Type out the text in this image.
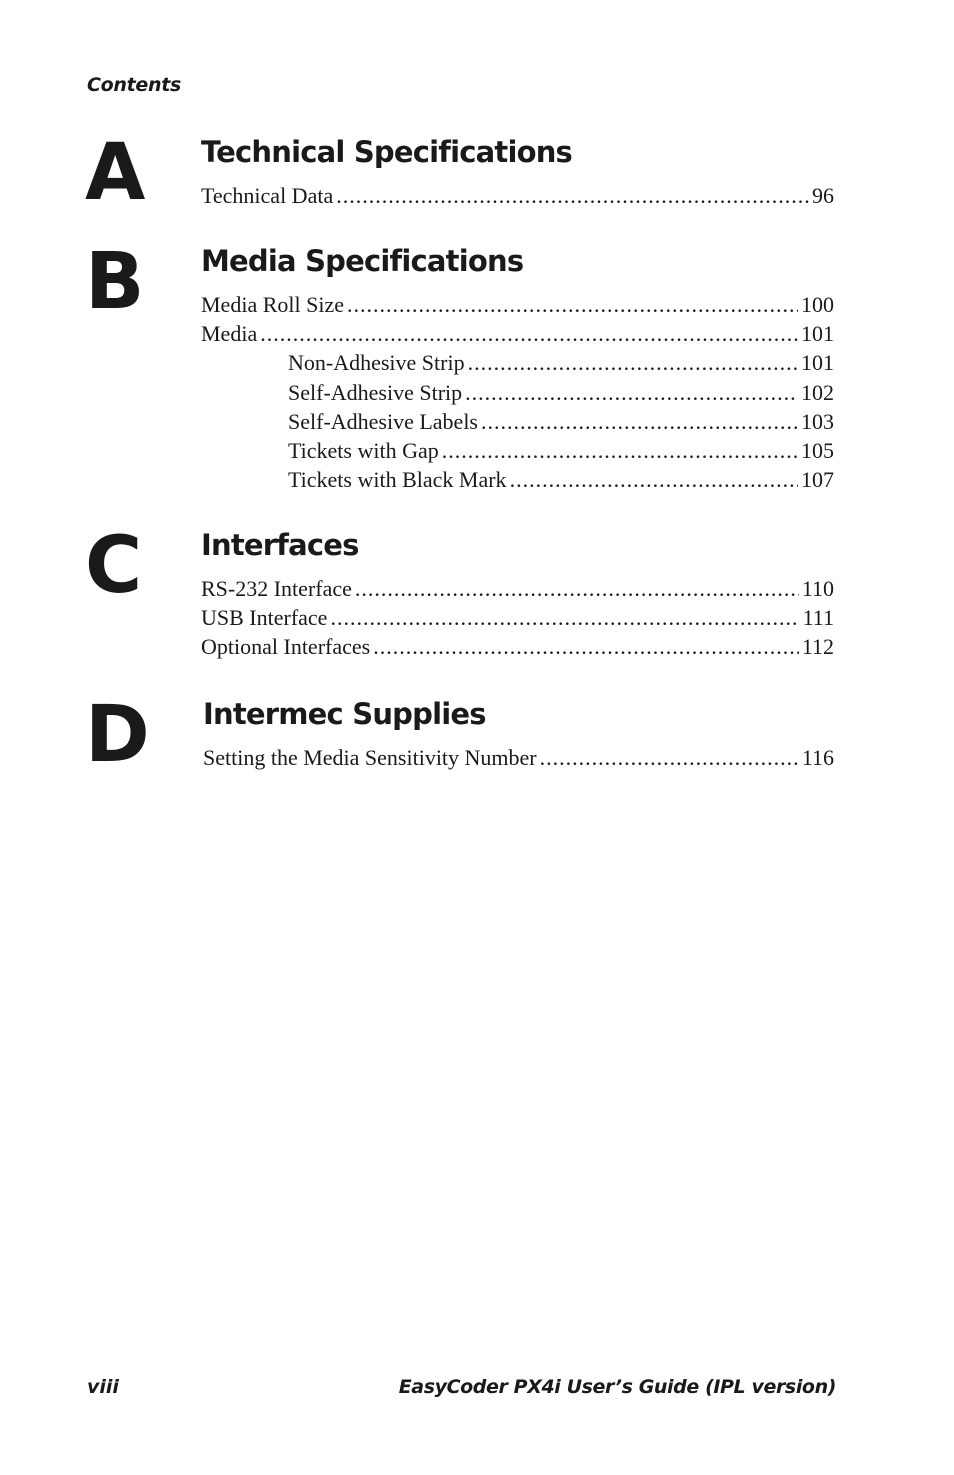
Contents
A Technical Specifications
Technical Data .....	96
B Media Specifications
Media Roll Size .....	100
Media .....	101
Non-Adhesive Strip .....	101
Self-Adhesive Strip .....	102
Self-Adhesive Labels .....	103
Tickets with Gap .....	105
Tickets with Black Mark .....	107
C Interfaces
RS-232 Interface .....	110
USB Interface .....	111
Optional Interfaces .....	112
D Intermec Supplies
Setting the Media Sensitivity Number .....	116
viii	EasyCoder PX4i User’s Guide (IPL version)
